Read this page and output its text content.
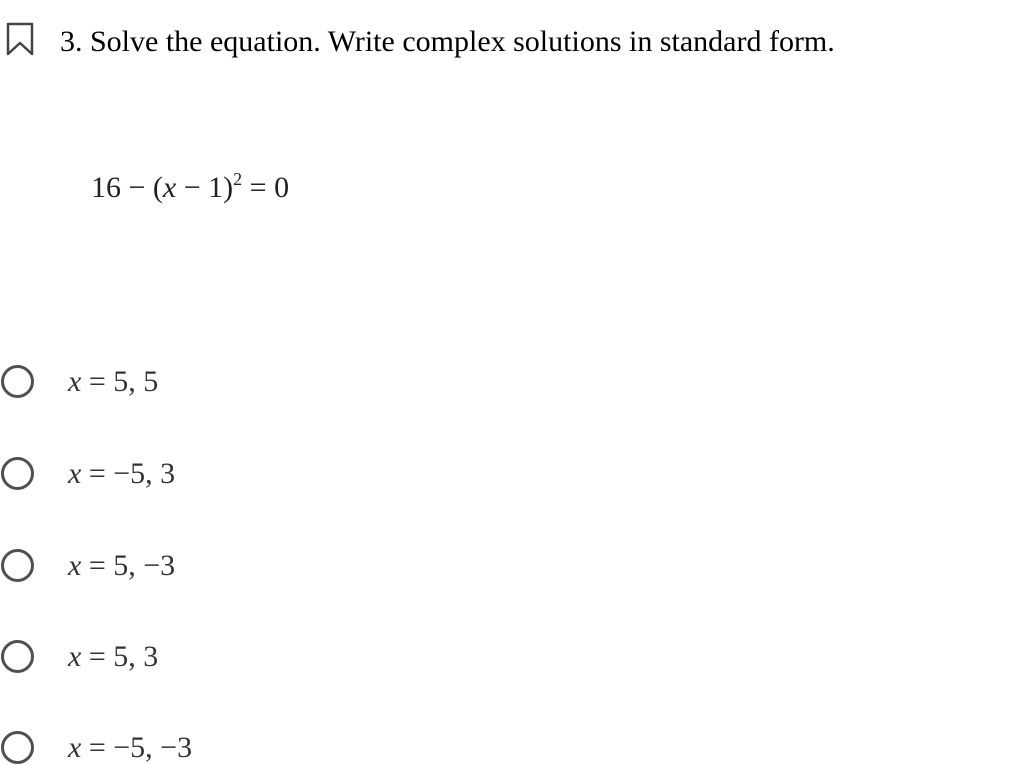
3. Solve the equation. Write complex solutions in standard form.
$16 - (x - 1)^2 = 0$
x = 5, 5
x = −5, 3
x = 5, −3
x = 5, 3
x = −5, −3
